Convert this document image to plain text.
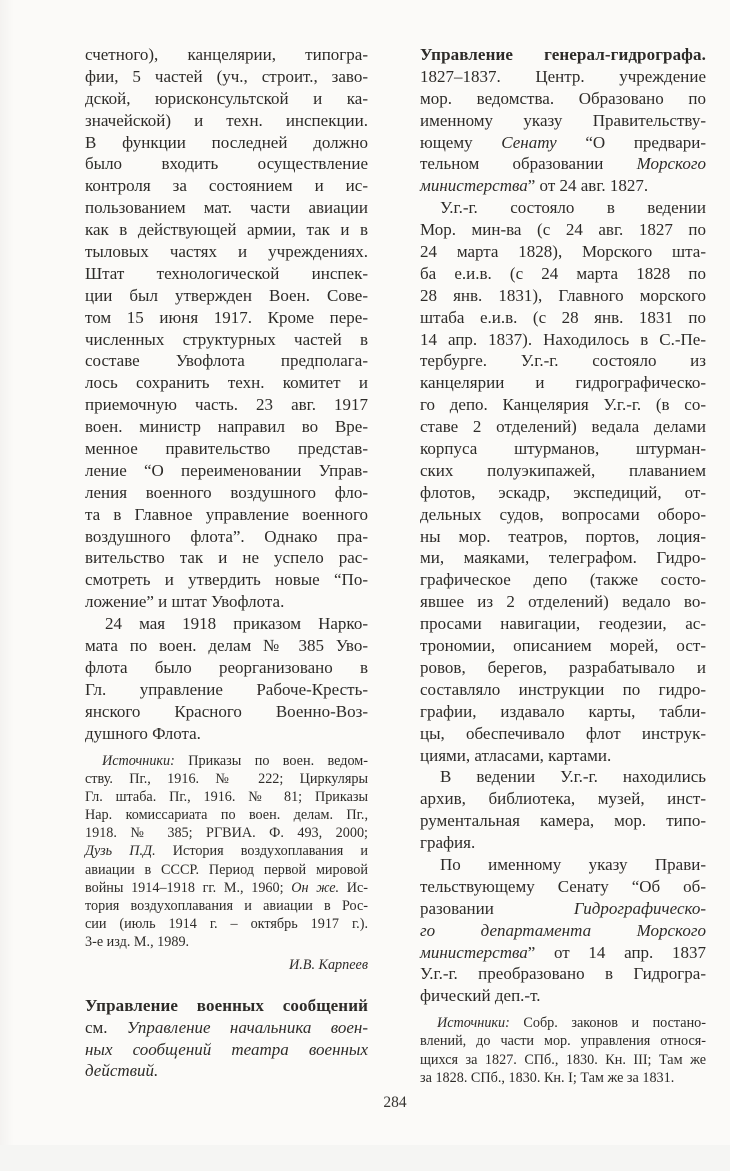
счетного), канцелярии, типогра-
фии, 5 частей (уч., строит., заво-
дской, юрисконсультской и ка-
значейской) и техн. инспекции.
В функции последней должно
было входить осуществление
контроля за состоянием и ис-
пользованием мат. части авиации
как в действующей армии, так и в
тыловых частях и учреждениях.
Штат технологической инспек-
ции был утвержден Воен. Сове-
том 15 июня 1917. Кроме пере-
численных структурных частей в
составе Увофлота предполага-
лось сохранить техн. комитет и
приемочную часть. 23 авг. 1917
воен. министр направил во Вре-
менное правительство представ-
ление “О переименовании Управ-
ления военного воздушного фло-
та в Главное управление военного
воздушного флота”. Однако пра-
вительство так и не успело рас-
смотреть и утвердить новые “По-
ложение” и штат Увофлота.
24 мая 1918 приказом Нарко-
мата по воен. делам № 385 Уво-
флота было реорганизовано в
Гл. управление Рабоче-Кресть-
янского Красного Военно-Воз-
душного Флота.
Источники: Приказы по воен. ведом-
ству. Пг., 1916. № 222; Циркуляры
Гл. штаба. Пг., 1916. № 81; Приказы
Нар. комиссариата по воен. делам. Пг.,
1918. № 385; РГВИА. Ф. 493, 2000;
Дузь П.Д. История воздухоплавания и
авиации в СССР. Период первой мировой
войны 1914–1918 гг. М., 1960; Он же. Ис-
тория воздухоплавания и авиации в Рос-
сии (июль 1914 г. – октябрь 1917 г.).
3-е изд. М., 1989.
И.В. Карпеев
Управление военных сообщений
см. Управление начальника воен-
ных сообщений театра военных
действий.
Управление генерал-гидрографа.
1827–1837. Центр. учреждение
мор. ведомства. Образовано по
именному указу Правительству-
ющему Сенату “О предвари-
тельном образовании Морского
министерства” от 24 авг. 1827.
У.г.-г. состояло в ведении
Мор. мин-ва (с 24 авг. 1827 по
24 марта 1828), Морского шта-
ба е.и.в. (с 24 марта 1828 по
28 янв. 1831), Главного морского
штаба е.и.в. (с 28 янв. 1831 по
14 апр. 1837). Находилось в С.-Пе-
тербурге. У.г.-г. состояло из
канцелярии и гидрографическо-
го депо. Канцелярия У.г.-г. (в со-
ставе 2 отделений) ведала делами
корпуса штурманов, штурман-
ских полуэкипажей, плаванием
флотов, эскадр, экспедиций, от-
дельных судов, вопросами оборо-
ны мор. театров, портов, лоция-
ми, маяками, телеграфом. Гидро-
графическое депо (также состо-
явшее из 2 отделений) ведало во-
просами навигации, геодезии, ас-
трономии, описанием морей, ост-
ровов, берегов, разрабатывало и
составляло инструкции по гидро-
графии, издавало карты, табли-
цы, обеспечивало флот инструк-
циями, атласами, картами.
В ведении У.г.-г. находились
архив, библиотека, музей, инст-
рументальная камера, мор. типо-
графия.
По именному указу Прави-
тельствующему Сенату “Об об-
разовании Гидрографическо-
го департамента Морского
министерства” от 14 апр. 1837
У.г.-г. преобразовано в Гидрогра-
фический деп.-т.
Источники: Собр. законов и постано-
влений, до части мор. управления относя-
щихся за 1827. СПб., 1830. Кн. III; Там же
за 1828. СПб., 1830. Кн. I; Там же за 1831.
284
